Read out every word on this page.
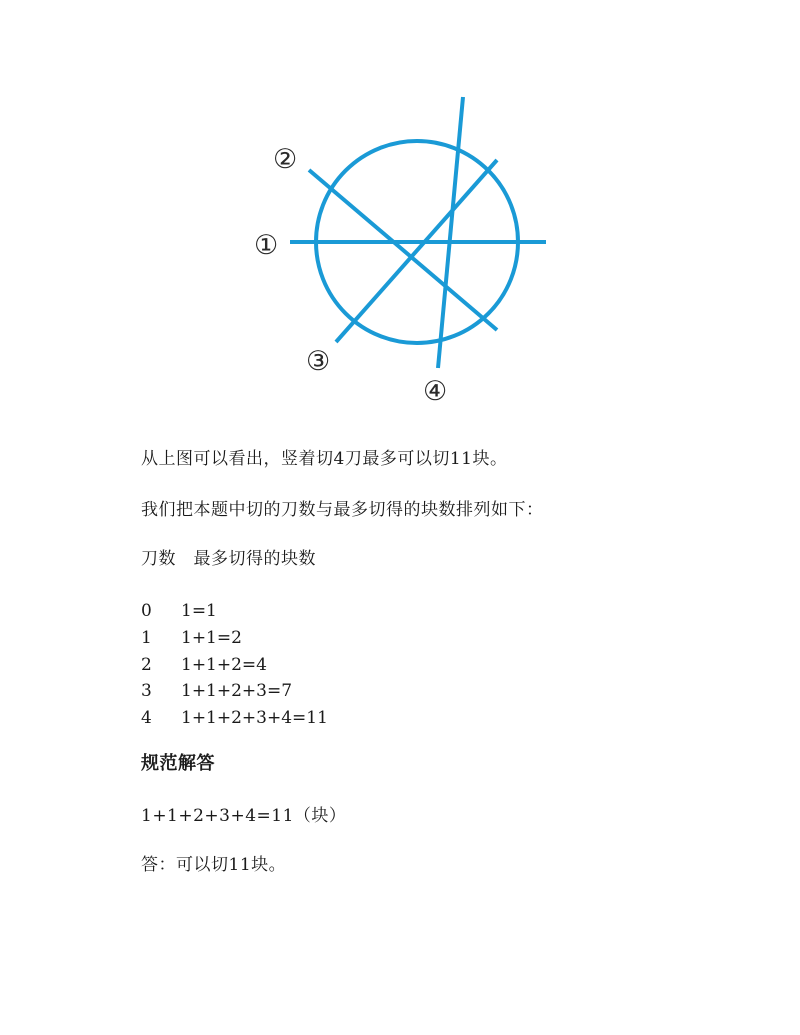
①
②
③
④
从上图可以看出，竖着切4刀最多可以切11块。
我们把本题中切的刀数与最多切得的块数排列如下：
刀数　最多切得的块数
0	1=1
1	1+1=2
2	1+1+2=4
3	1+1+2+3=7
4	1+1+2+3+4=11
规范解答
1+1+2+3+4=11（块）
答：可以切11块。
